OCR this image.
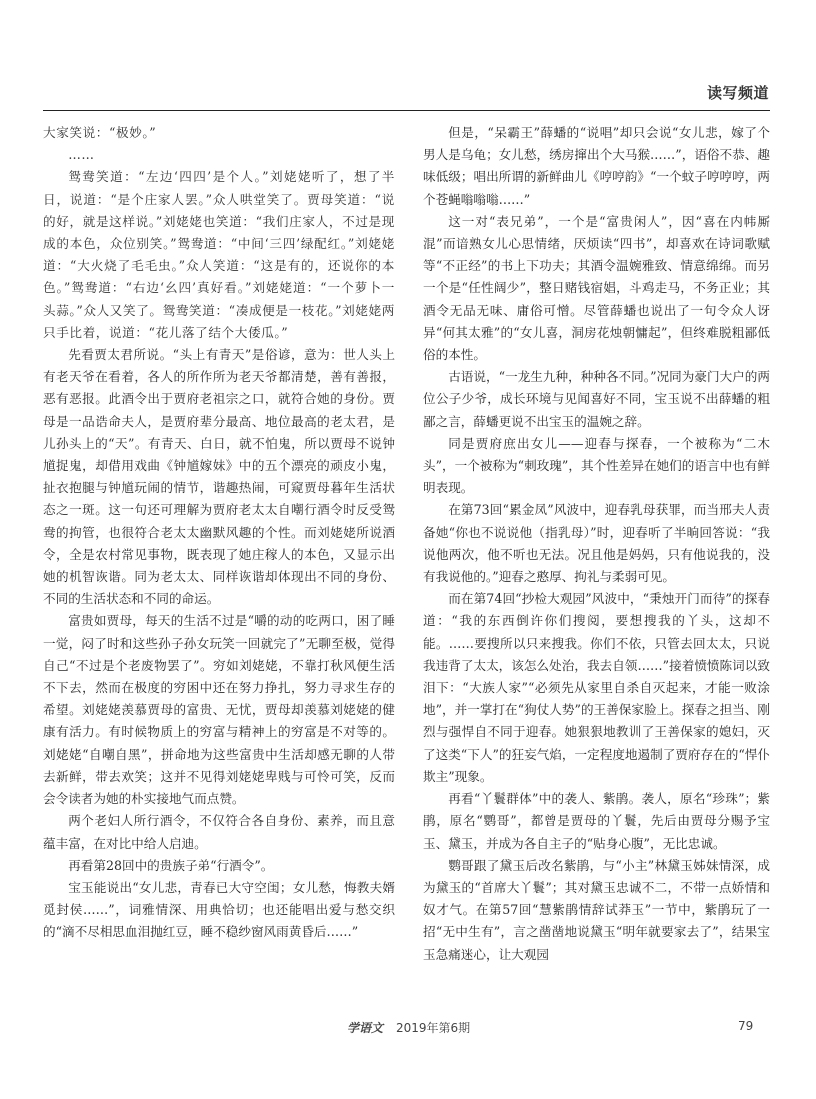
读写频道

大家笑说：“极妙。”

……

鸳鸯笑道：“左边‘四四’是个人。”刘姥姥听了，想了半日，说道：“是个庄家人罢。”众人哄堂笑了。贾母笑道：“说的好，就是这样说。”刘姥姥也笑道：“我们庄家人，不过是现成的本色，众位别笑。”鸳鸯道：“中间‘三四’绿配红。”刘姥姥道：“大火烧了毛毛虫。”众人笑道：“这是有的，还说你的本色。”鸳鸯道：“右边‘幺四’真好看。”刘姥姥道：“一个萝卜一头蒜。”众人又笑了。鸳鸯笑道：“凑成便是一枝花。”刘姥姥两只手比着，说道：“花儿落了结个大倭瓜。”

先看贾太君所说。“头上有青天”是俗谚，意为：世人头上有老天爷在看着，各人的所作所为老天爷都清楚，善有善报，恶有恶报。此酒令出于贾府老祖宗之口，就符合她的身份。贾母是一品诰命夫人，是贾府辈分最高、地位最高的老太君，是儿孙头上的“天”。有青天、白日，就不怕鬼，所以贾母不说钟馗捉鬼，却借用戏曲《钟馗嫁妹》中的五个漂亮的顽皮小鬼，扯衣抱腿与钟馗玩闹的情节，谐趣热闹，可窥贾母暮年生活状态之一斑。这一句还可理解为贾府老太太自嘲行酒令时反受鸳鸯的拘管，也很符合老太太幽默风趣的个性。而刘姥姥所说酒令，全是农村常见事物，既表现了她庄稼人的本色，又显示出她的机智诙谐。同为老太太、同样诙谐却体现出不同的身份、不同的生活状态和不同的命运。

富贵如贾母，每天的生活不过是“嚼的动的吃两口，困了睡一觉，闷了时和这些孙子孙女玩笑一回就完了”无聊至极，觉得自己“不过是个老废物罢了”。穷如刘姥姥，不靠打秋风便生活不下去，然而在极度的穷困中还在努力挣扎，努力寻求生存的希望。刘姥姥羡慕贾母的富贵、无忧，贾母却羡慕刘姥姥的健康有活力。有时候物质上的穷富与精神上的穷富是不对等的。刘姥姥“自嘲自黑”，拼命地为这些富贵中生活却感无聊的人带去新鲜，带去欢笑；这并不见得刘姥姥卑贱与可怜可笑，反而会令读者为她的朴实接地气而点赞。

两个老妇人所行酒令，不仅符合各自身份、素养，而且意蕴丰富，在对比中给人启迪。

再看第28回中的贵族子弟“行酒令”。

宝玉能说出“女儿悲，青春已大守空闺；女儿愁，悔教夫婿觅封侯……”，词雅情深、用典恰切；也还能唱出爱与愁交织的“滴不尽相思血泪抛红豆，睡不稳纱窗风雨黄昏后……”

但是，“呆霸王”薛蟠的“说唱”却只会说“女儿悲，嫁了个男人是乌龟；女儿愁，绣房撺出个大马猴……”，语俗不恭、趣味低级；唱出所谓的新鲜曲儿《哼哼韵》“一个蚊子哼哼哼，两个苍蝇嗡嗡嗡……”

这一对“表兄弟”，一个是“富贵闲人”，因“喜在内帏厮混”而谙熟女儿心思情绪，厌烦读“四书”，却喜欢在诗词歌赋等“不正经”的书上下功夫；其酒令温婉雅致、情意绵绵。而另一个是“任性阔少”，整日赌钱宿娼，斗鸡走马，不务正业；其酒令无品无味、庸俗可憎。尽管薛蟠也说出了一句令众人讶异“何其太雅”的“女儿喜，洞房花烛朝慵起”，但终难脱粗鄙低俗的本性。

古语说，“一龙生九种，种种各不同。”况同为豪门大户的两位公子少爷，成长环境与见闻喜好不同，宝玉说不出薛蟠的粗鄙之言，薛蟠更说不出宝玉的温婉之辞。

同是贾府庶出女儿——迎春与探春，一个被称为“二木头”，一个被称为“刺玫瑰”，其个性差异在她们的语言中也有鲜明表现。

在第73回“累金凤”风波中，迎春乳母获罪，而当邢夫人责备她“你也不说说他（指乳母）”时，迎春听了半晌回答说：“我说他两次，他不听也无法。况且他是妈妈，只有他说我的，没有我说他的。”迎春之憨厚、拘礼与柔弱可见。

而在第74回“抄检大观园”风波中，“秉烛开门而待”的探春道：“我的东西倒许你们搜阅，要想搜我的丫头，这却不能。……要搜所以只来搜我。你们不依，只管去回太太，只说我违背了太太，该怎么处治，我去自领……”接着愤愤陈词以致泪下：“大族人家”“必须先从家里自杀自灭起来，才能一败涂地”，并一掌打在“狗仗人势”的王善保家脸上。探春之担当、刚烈与强悍自不同于迎春。她狠狠地教训了王善保家的媳妇，灭了这类“下人”的狂妄气焰，一定程度地遏制了贾府存在的“悍仆欺主”现象。

再看“丫鬟群体”中的袭人、紫鹃。袭人，原名“珍珠”；紫鹃，原名“鹦哥”，都曾是贾母的丫鬟，先后由贾母分赐予宝玉、黛玉，并成为各自主子的“贴身心腹”，无比忠诚。

鹦哥跟了黛玉后改名紫鹃，与“小主”林黛玉姊妹情深，成为黛玉的“首席大丫鬟”；其对黛玉忠诚不二，不带一点娇情和奴才气。在第57回“慧紫鹃情辞试莽玉”一节中，紫鹃玩了一招“无中生有”，言之凿凿地说黛玉“明年就要家去了”，结果宝玉急痛迷心，让大观园

学语文 2019年第6期	79
